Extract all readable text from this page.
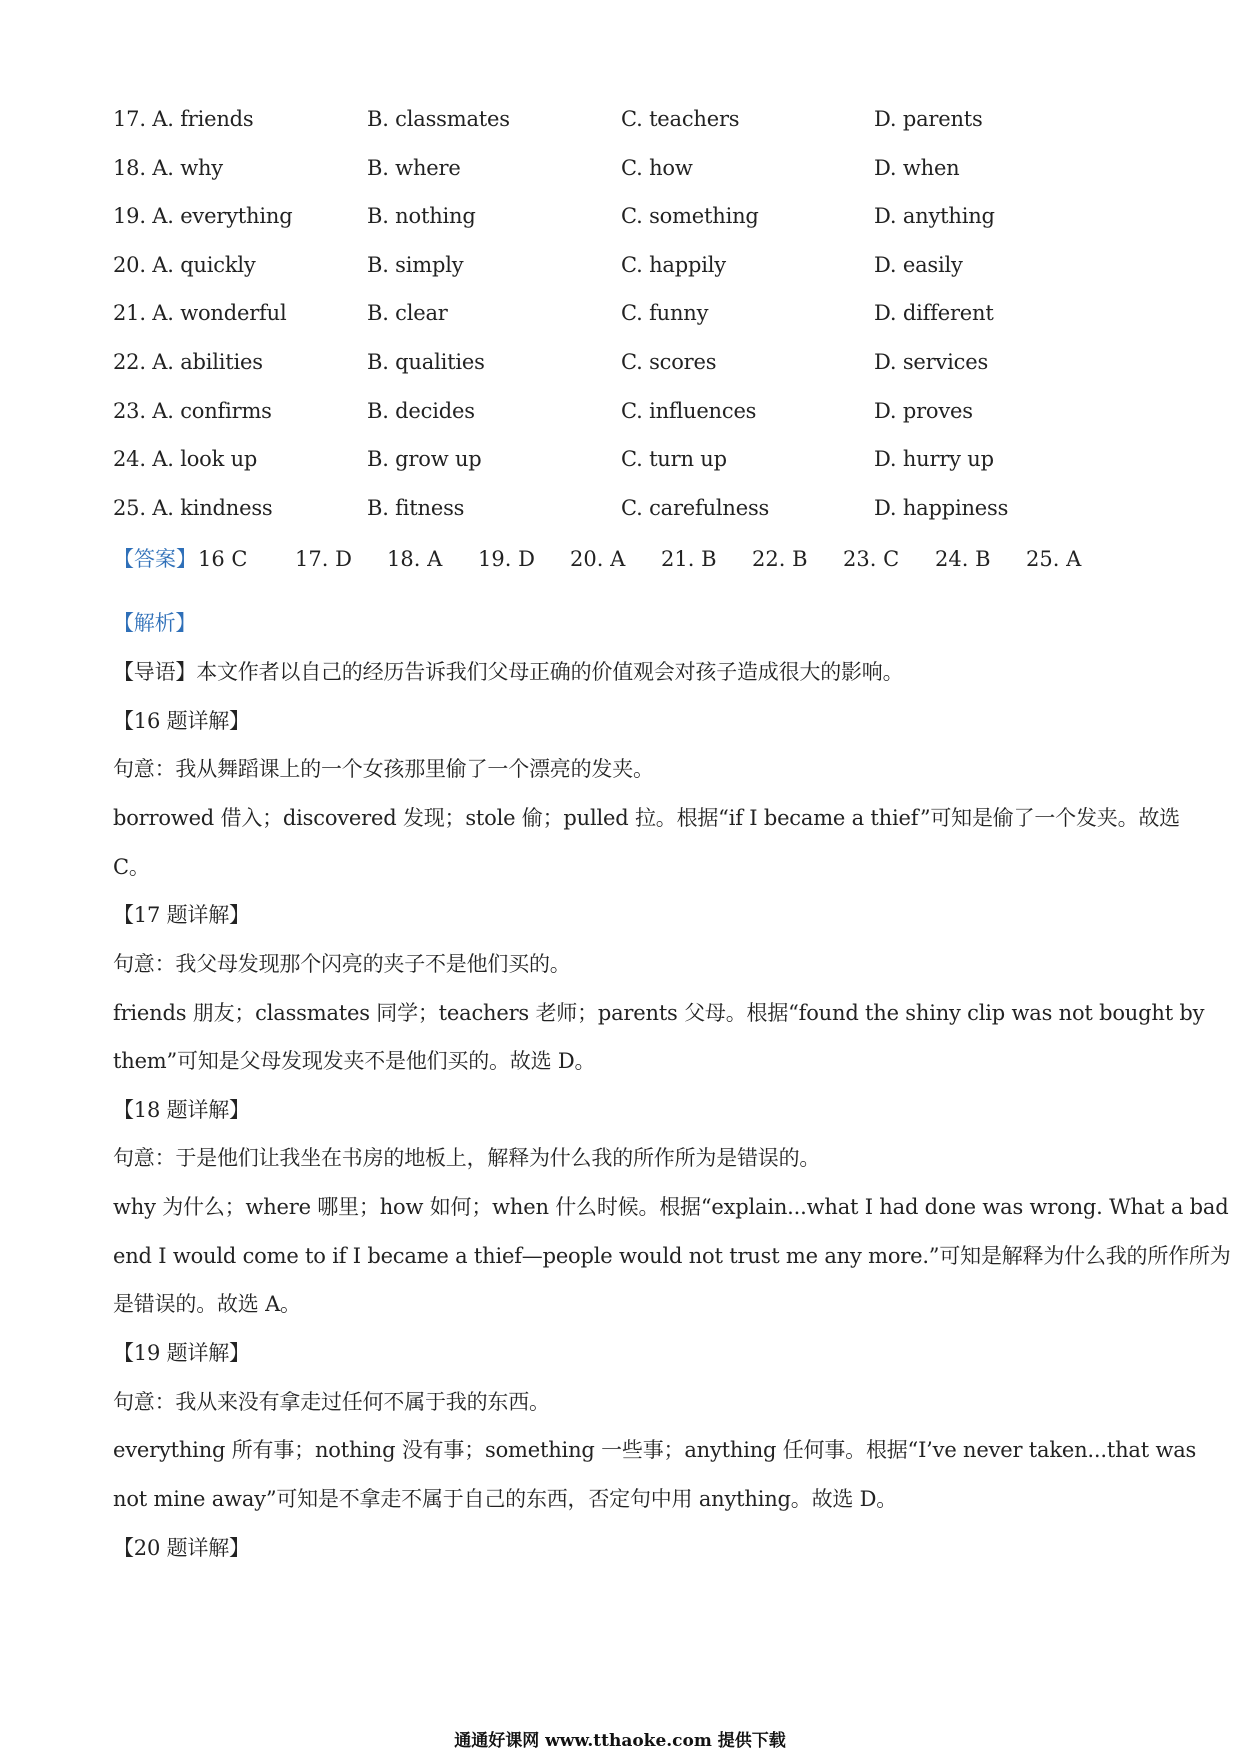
17. A. friends	B. classmates	C. teachers	D. parents
18. A. why	B. where	C. how	D. when
19. A. everything	B. nothing	C. something	D. anything
20. A. quickly	B. simply	C. happily	D. easily
21. A. wonderful	B. clear	C. funny	D. different
22. A. abilities	B. qualities	C. scores	D. services
23. A. confirms	B. decides	C. influences	D. proves
24. A. look up	B. grow up	C. turn up	D. hurry up
25. A. kindness	B. fitness	C. carefulness	D. happiness
【答案】 16 C 17. D 18. A 19. D 20. A 21. B 22. B 23. C 24. B 25. A
【解析】
【导语】本文作者以自己的经历告诉我们父母正确的价值观会对孩子造成很大的影响。
【16 题详解】
句意：我从舞蹈课上的一个女孩那里偷了一个漂亮的发夹。
borrowed 借入；discovered 发现；stole 偷；pulled 拉。根据“if I became a thief”可知是偷了一个发夹。故选
C。
【17 题详解】
句意：我父母发现那个闪亮的夹子不是他们买的。
friends 朋友；classmates 同学；teachers 老师；parents 父母。根据“found the shiny clip was not bought by
them”可知是父母发现发夹不是他们买的。故选 D。
【18 题详解】
句意：于是他们让我坐在书房的地板上，解释为什么我的所作所为是错误的。
why 为什么；where 哪里；how 如何；when 什么时候。根据“explain...what I had done was wrong. What a bad
end I would come to if I became a thief—people would not trust me any more.”可知是解释为什么我的所作所为
是错误的。故选 A。
【19 题详解】
句意：我从来没有拿走过任何不属于我的东西。
everything 所有事；nothing 没有事；something 一些事；anything 任何事。根据“I’ve never taken...that was
not mine away”可知是不拿走不属于自己的东西，否定句中用 anything。故选 D。
【20 题详解】
通通好课网 www.tthaoke.com 提供下载
